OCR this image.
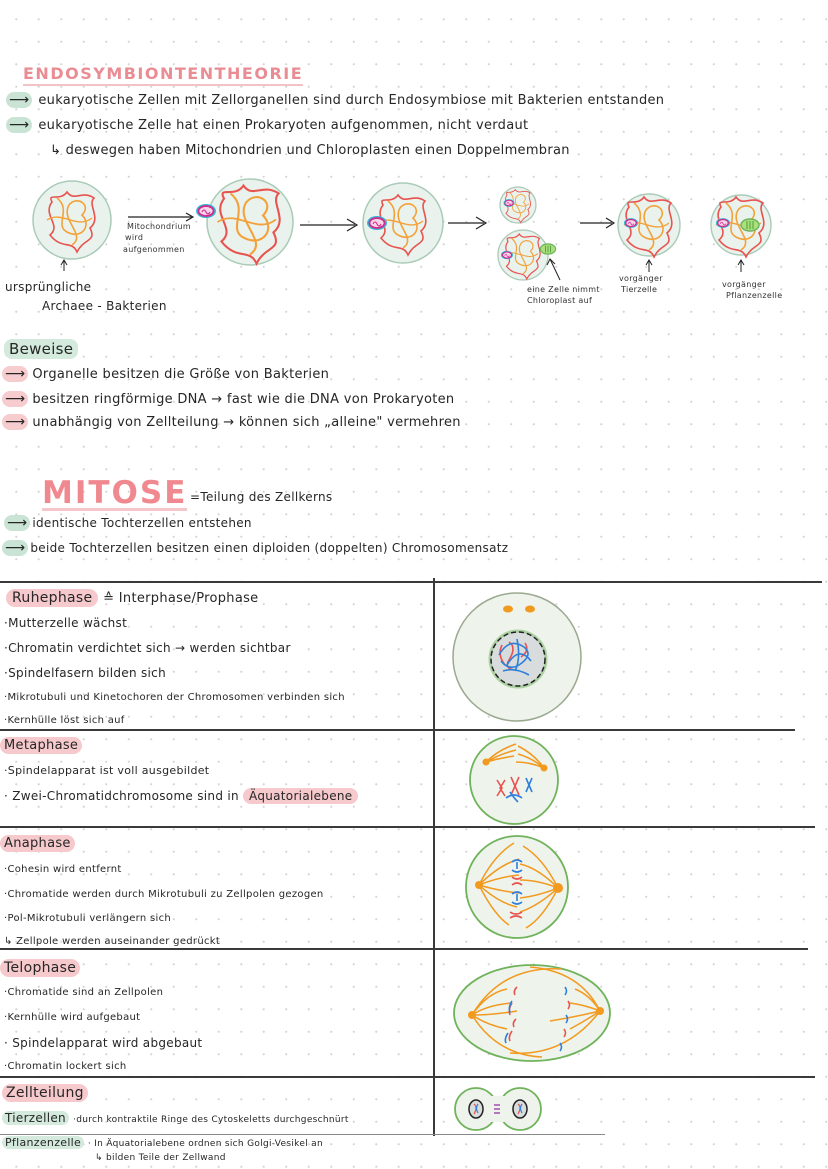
ENDOSYMBIONTENTHEORIE
⟶ eukaryotische Zellen mit Zellorganellen sind durch Endosymbiose mit Bakterien entstanden
⟶ eukaryotische Zelle hat einen Prokaryoten aufgenommen, nicht verdaut
↳ deswegen haben Mitochondrien und Chloroplasten einen Doppelmembran
Mitochondrium
wird
aufgenommen
ursprüngliche
Archaee - Bakterien
eine Zelle nimmt
Chloroplast auf
vorgänger
Tierzelle
vorgänger
Pflanzenzelle
Beweise
⟶ Organelle besitzen die Größe von Bakterien
⟶ besitzen ringförmige DNA → fast wie die DNA von Prokaryoten
⟶ unabhängig von Zellteilung → können sich „alleine" vermehren
MITOSE =Teilung des Zellkerns
⟶ identische Tochterzellen entstehen
⟶ beide Tochterzellen besitzen einen diploiden (doppelten) Chromosomensatz
Ruhephase ≙ Interphase/Prophase
·Mutterzelle wächst
·Chromatin verdichtet sich → werden sichtbar
·Spindelfasern bilden sich
·Mikrotubuli und Kinetochoren der Chromosomen verbinden sich
·Kernhülle löst sich auf
Metaphase
·Spindelapparat ist voll ausgebildet
· Zwei-Chromatidchromosome sind in Äquatorialebene
Anaphase
·Cohesin wird entfernt
·Chromatide werden durch Mikrotubuli zu Zellpolen gezogen
·Pol-Mikrotubuli verlängern sich
↳ Zellpole werden auseinander gedrückt
Telophase
·Chromatide sind an Zellpolen
·Kernhülle wird aufgebaut
· Spindelapparat wird abgebaut
·Chromatin lockert sich
Zellteilung
Tierzellen ·durch kontraktile Ringe des Cytoskeletts durchgeschnürt
Pflanzenzelle · In Äquatorialebene ordnen sich Golgi-Vesikel an
↳ bilden Teile der Zellwand
